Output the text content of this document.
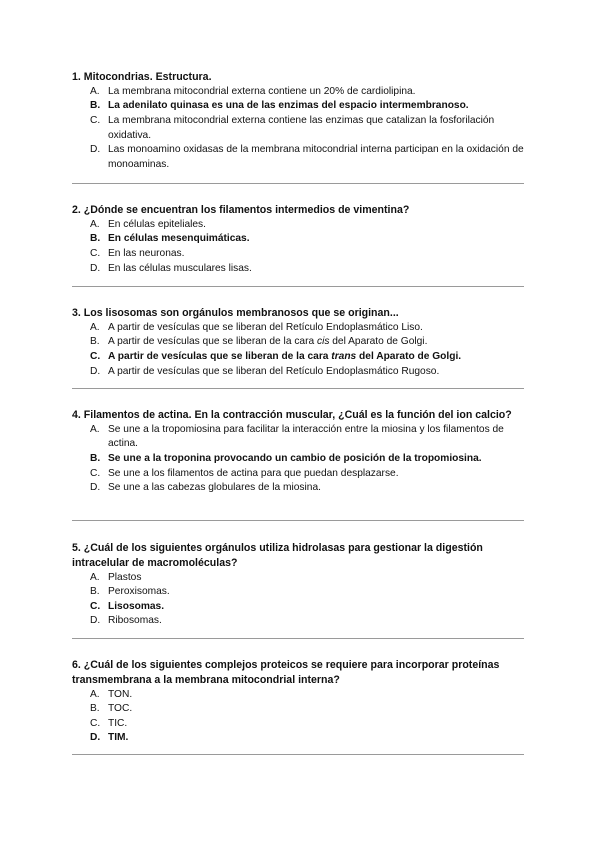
1. Mitocondrias. Estructura.

A. La membrana mitocondrial externa contiene un 20% de cardiolipina.
B. La adenilato quinasa es una de las enzimas del espacio intermembranoso.
C. La membrana mitocondrial externa contiene las enzimas que catalizan la fosforilación oxidativa.
D. Las monoamino oxidasas de la membrana mitocondrial interna participan en la oxidación de monoaminas.

2. ¿Dónde se encuentran los filamentos intermedios de vimentina?

A. En células epiteliales.
B. En células mesenquimáticas.
C. En las neuronas.
D. En las células musculares lisas.

3. Los lisosomas son orgánulos membranosos que se originan...

A. A partir de vesículas que se liberan del Retículo Endoplasmático Liso.
B. A partir de vesículas que se liberan de la cara cis del Aparato de Golgi.
C. A partir de vesículas que se liberan de la cara trans del Aparato de Golgi.
D. A partir de vesículas que se liberan del Retículo Endoplasmático Rugoso.

4. Filamentos de actina. En la contracción muscular, ¿Cuál es la función del ion calcio?

A. Se une a la tropomiosina para facilitar la interacción entre la miosina y los filamentos de actina.
B. Se une a la troponina provocando un cambio de posición de la tropomiosina.
C. Se une a los filamentos de actina para que puedan desplazarse.
D. Se une a las cabezas globulares de la miosina.

5. ¿Cuál de los siguientes orgánulos utiliza hidrolasas para gestionar la digestión intracelular de macromoléculas?

A. Plastos
B. Peroxisomas.
C. Lisosomas.
D. Ribosomas.

6. ¿Cuál de los siguientes complejos proteicos se requiere para incorporar proteínas transmembrana a la membrana mitocondrial interna?

A. TON.
B. TOC.
C. TIC.
D. TIM.
